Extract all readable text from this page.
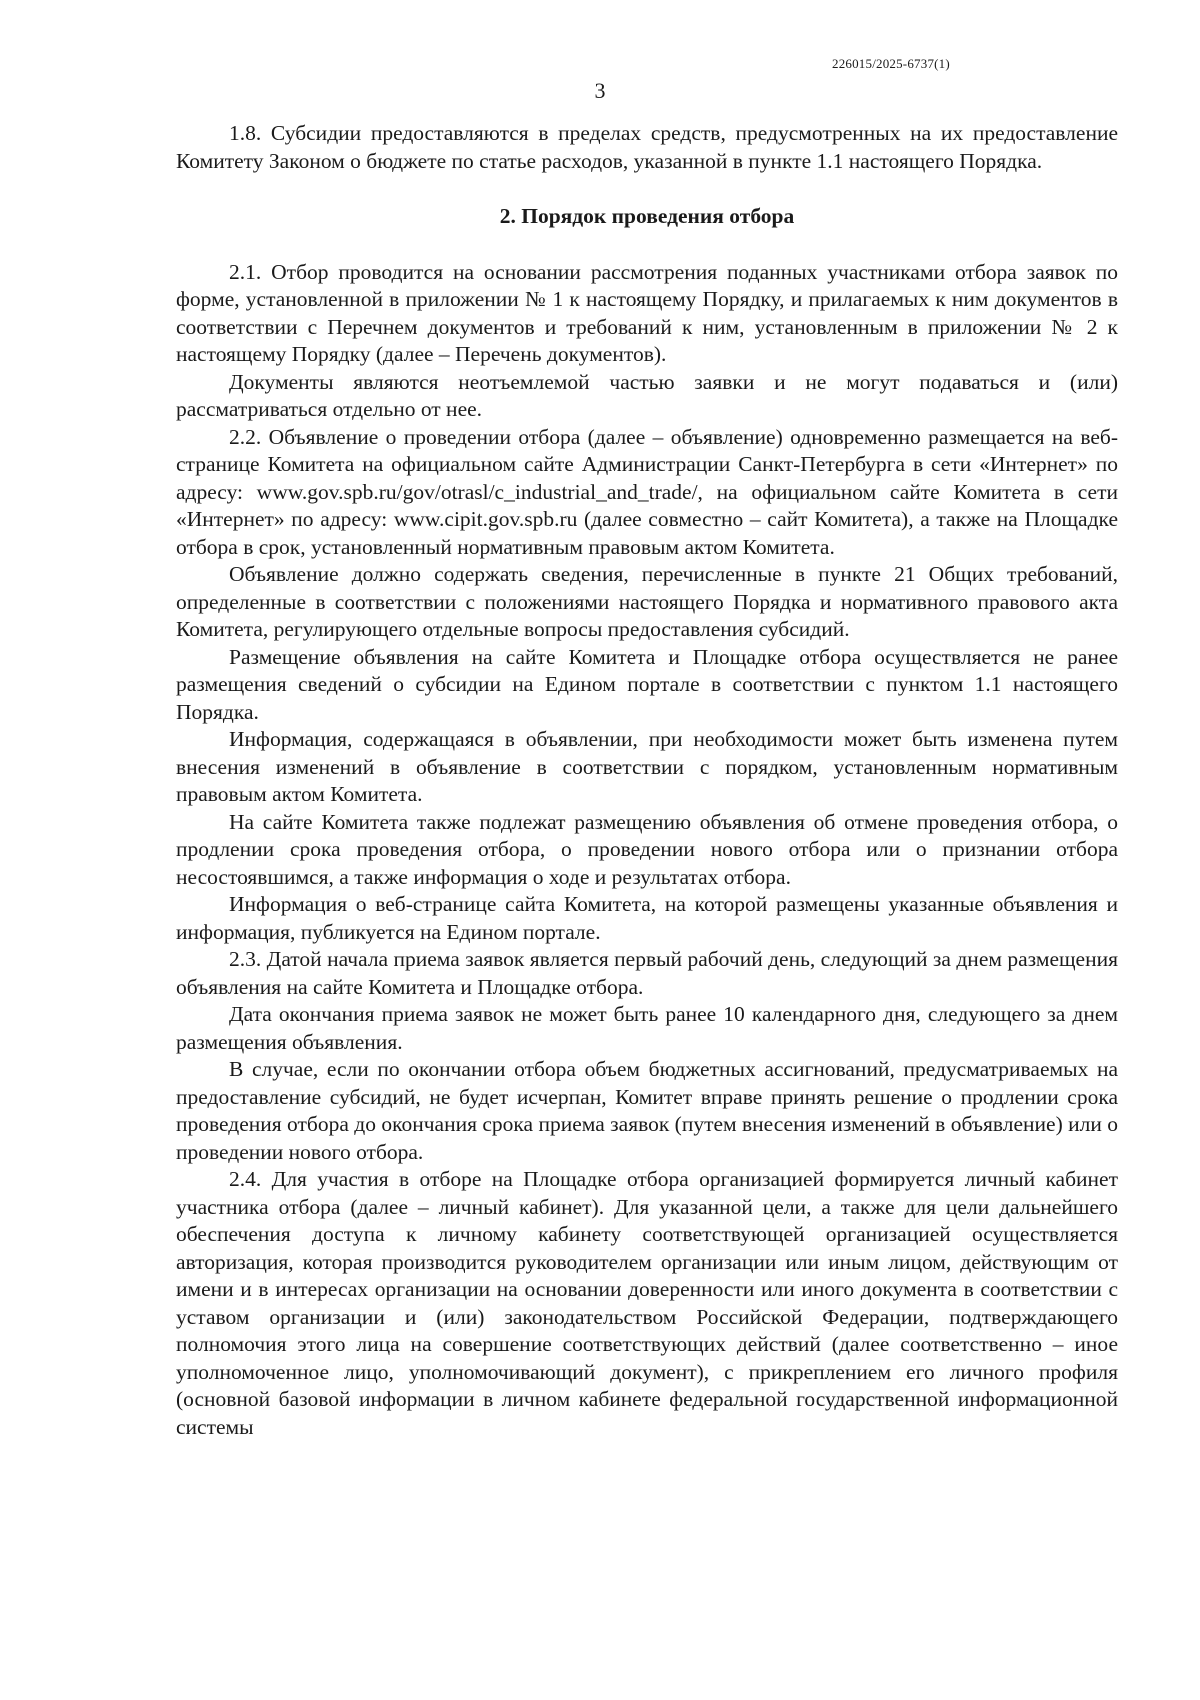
226015/2025-6737(1)
3

1.8. Субсидии предоставляются в пределах средств, предусмотренных на их предоставление Комитету Законом о бюджете по статье расходов, указанной в пункте 1.1 настоящего Порядка.

2. Порядок проведения отбора

2.1. Отбор проводится на основании рассмотрения поданных участниками отбора заявок по форме, установленной в приложении № 1 к настоящему Порядку, и прилагаемых к ним документов в соответствии с Перечнем документов и требований к ним, установленным в приложении № 2 к настоящему Порядку (далее – Перечень документов).

Документы являются неотъемлемой частью заявки и не могут подаваться и (или) рассматриваться отдельно от нее.

2.2. Объявление о проведении отбора (далее – объявление) одновременно размещается на веб-странице Комитета на официальном сайте Администрации Санкт-Петербурга в сети «Интернет» по адресу: www.gov.spb.ru/gov/otrasl/c_industrial_and_trade/, на официальном сайте Комитета в сети «Интернет» по адресу: www.cipit.gov.spb.ru (далее совместно – сайт Комитета), а также на Площадке отбора в срок, установленный нормативным правовым актом Комитета.

Объявление должно содержать сведения, перечисленные в пункте 21 Общих требований, определенные в соответствии с положениями настоящего Порядка и нормативного правового акта Комитета, регулирующего отдельные вопросы предоставления субсидий.

Размещение объявления на сайте Комитета и Площадке отбора осуществляется не ранее размещения сведений о субсидии на Едином портале в соответствии с пунктом 1.1 настоящего Порядка.

Информация, содержащаяся в объявлении, при необходимости может быть изменена путем внесения изменений в объявление в соответствии с порядком, установленным нормативным правовым актом Комитета.

На сайте Комитета также подлежат размещению объявления об отмене проведения отбора, о продлении срока проведения отбора, о проведении нового отбора или о признании отбора несостоявшимся, а также информация о ходе и результатах отбора.

Информация о веб-странице сайта Комитета, на которой размещены указанные объявления и информация, публикуется на Едином портале.

2.3. Датой начала приема заявок является первый рабочий день, следующий за днем размещения объявления на сайте Комитета и Площадке отбора.

Дата окончания приема заявок не может быть ранее 10 календарного дня, следующего за днем размещения объявления.

В случае, если по окончании отбора объем бюджетных ассигнований, предусматриваемых на предоставление субсидий, не будет исчерпан, Комитет вправе принять решение о продлении срока проведения отбора до окончания срока приема заявок (путем внесения изменений в объявление) или о проведении нового отбора.

2.4. Для участия в отборе на Площадке отбора организацией формируется личный кабинет участника отбора (далее – личный кабинет). Для указанной цели, а также для цели дальнейшего обеспечения доступа к личному кабинету соответствующей организацией осуществляется авторизация, которая производится руководителем организации или иным лицом, действующим от имени и в интересах организации на основании доверенности или иного документа в соответствии с уставом организации и (или) законодательством Российской Федерации, подтверждающего полномочия этого лица на совершение соответствующих действий (далее соответственно – иное уполномоченное лицо, уполномочивающий документ), с прикреплением его личного профиля (основной базовой информации в личном кабинете федеральной государственной информационной системы
